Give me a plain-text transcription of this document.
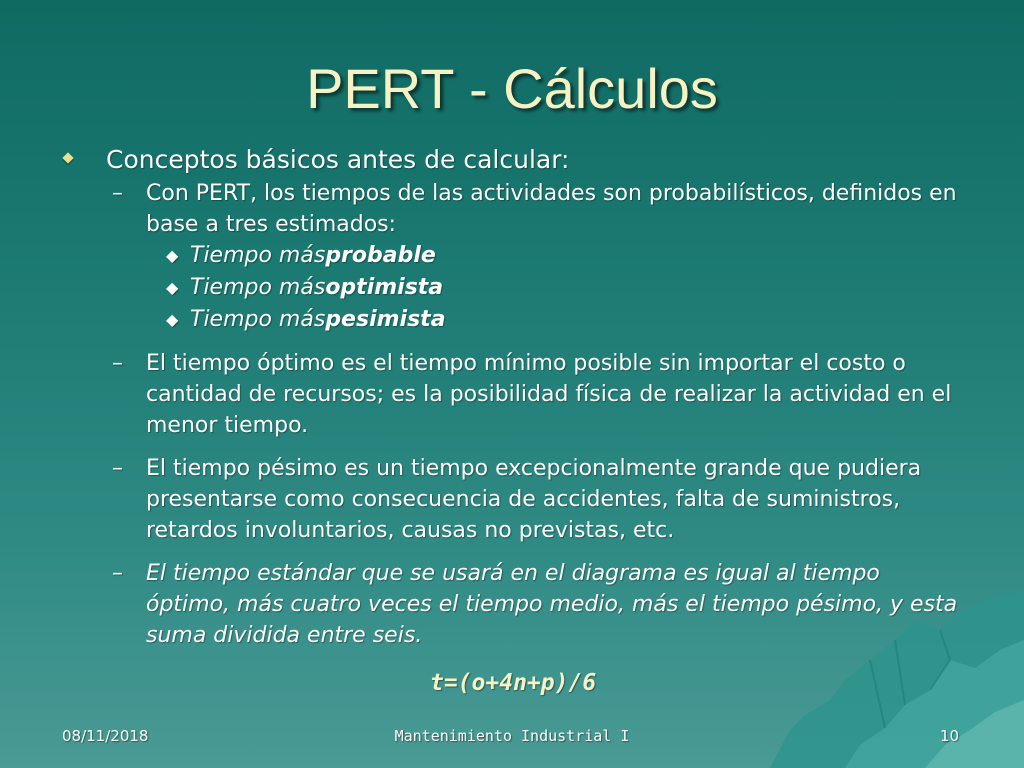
PERT - Cálculos
Conceptos básicos antes de calcular:
–	Con PERT, los tiempos de las actividades son probabilísticos, definidos en base a tres estimados:
◆ Tiempo más probable
◆ Tiempo más optimista
◆ Tiempo más pesimista
–	El tiempo óptimo es el tiempo mínimo posible sin importar el costo o cantidad de recursos; es la posibilidad física de realizar la actividad en el menor tiempo.
–	El tiempo pésimo es un tiempo excepcionalmente grande que pudiera presentarse como consecuencia de accidentes, falta de suministros, retardos involuntarios, causas no previstas, etc.
–	El tiempo estándar que se usará en el diagrama es igual al tiempo óptimo, más cuatro veces el tiempo medio, más el tiempo pésimo, y esta suma dividida entre seis.
t=(o+4n+p)/6
08/11/2018	Mantenimiento Industrial I	10
